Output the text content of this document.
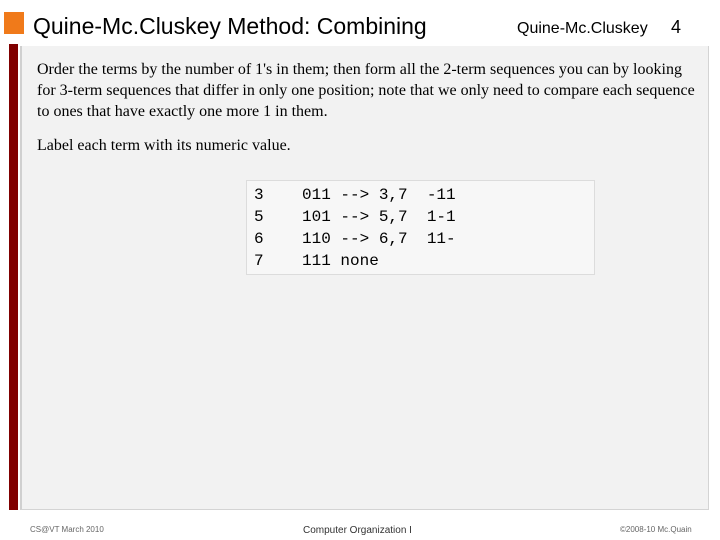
Quine-Mc.Cluskey Method: Combining	Quine-Mc.Cluskey 4
Order the terms by the number of 1's in them; then form all the 2-term sequences you can by looking for 3-term sequences that differ in only one position; note that we only need to compare each sequence to ones that have exactly one more 1 in them.
Label each term with its numeric value.
3    011 --> 3,7  -11
5    101 --> 5,7  1-1
6    110 --> 6,7  11-
7    111 none
CS@VT March 2010	Computer Organization I	©2008-10 Mc.Quain
